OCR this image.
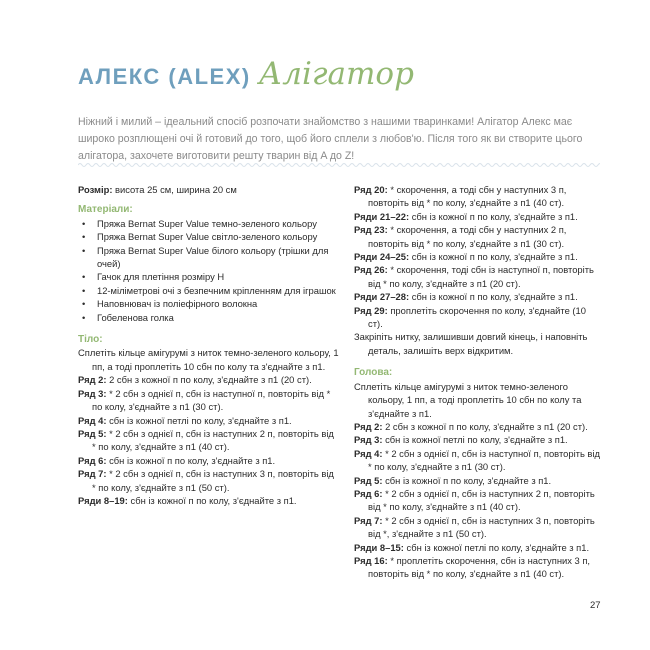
АЛЕКС (ALEX) Алігатор

Ніжний і милий – ідеальний спосіб розпочати знайомство з нашими тваринками! Алігатор Алекс має широко розплющені очі й готовий до того, щоб його сплели з любов'ю. Після того як ви створите цього алігатора, захочете виготовити решту тварин від A до Z!

Розмір: висота 25 см, ширина 20 см

Матеріали:
• Пряжа Bernat Super Value темно-зеленого кольору
• Пряжа Bernat Super Value світло-зеленого кольору
• Пряжа Bernat Super Value білого кольору (трішки для очей)
• Гачок для плетіння розміру H
• 12-міліметрові очі з безпечним кріпленням для іграшок
• Наповнювач із поліефірного волокна
• Гобеленова голка
Тіло:

Сплетіть кільце амігурумі з ниток темно-зеленого кольору, 1 пп, а тоді проплетіть 10 сбн по колу та з'єднайте з п1.

Ряд 2: 2 сбн з кожної п по колу, з'єднайте з п1 (20 ст).

Ряд 3: * 2 сбн з однієї п, сбн із наступної п, повторіть від * по колу, з'єднайте з п1 (30 ст).

Ряд 4: сбн із кожної петлі по колу, з'єднайте з п1.

Ряд 5: * 2 сбн з однієї п, сбн із наступних 2 п, повторіть від * по колу, з'єднайте з п1 (40 ст).

Ряд 6: сбн із кожної п по колу, з'єднайте з п1.

Ряд 7: * 2 сбн з однієї п, сбн із наступних 3 п, повторіть від * по колу, з'єднайте з п1 (50 ст).

Ряди 8–19: сбн із кожної п по колу, з'єднайте з п1.

Ряд 20: * скорочення, а тоді сбн у наступних 3 п, повторіть від * по колу, з'єднайте з п1 (40 ст).

Ряди 21–22: сбн із кожної п по колу, з'єднайте з п1.

Ряд 23: * скорочення, а тоді сбн у наступних 2 п, повторіть від * по колу, з'єднайте з п1 (30 ст).

Ряди 24–25: сбн із кожної п по колу, з'єднайте з п1.

Ряд 26: * скорочення, тоді сбн із наступної п, повторіть від * по колу, з'єднайте з п1 (20 ст).

Ряди 27–28: сбн із кожної п по колу, з'єднайте з п1.

Ряд 29: проплетіть скорочення по колу, з'єднайте (10 ст).

Закріпіть нитку, залишивши довгий кінець, і наповніть деталь, залишіть верх відкритим.

Голова:

Сплетіть кільце амігурумі з ниток темно-зеленого кольору, 1 пп, а тоді проплетіть 10 сбн по колу та з'єднайте з п1.

Ряд 2: 2 сбн з кожної п по колу, з'єднайте з п1 (20 ст).

Ряд 3: сбн із кожної петлі по колу, з'єднайте з п1.

Ряд 4: * 2 сбн з однієї п, сбн із наступної п, повторіть від * по колу, з'єднайте з п1 (30 ст).

Ряд 5: сбн із кожної п по колу, з'єднайте з п1.

Ряд 6: * 2 сбн з однієї п, сбн із наступних 2 п, повторіть від * по колу, з'єднайте з п1 (40 ст).

Ряд 7: * 2 сбн з однієї п, сбн із наступних 3 п, повторіть від *, з'єднайте з п1 (50 ст).

Ряди 8–15: сбн із кожної петлі по колу, з'єднайте з п1.

Ряд 16: * проплетіть скорочення, сбн із наступних 3 п, повторіть від * по колу, з'єднайте з п1 (40 ст).

27
